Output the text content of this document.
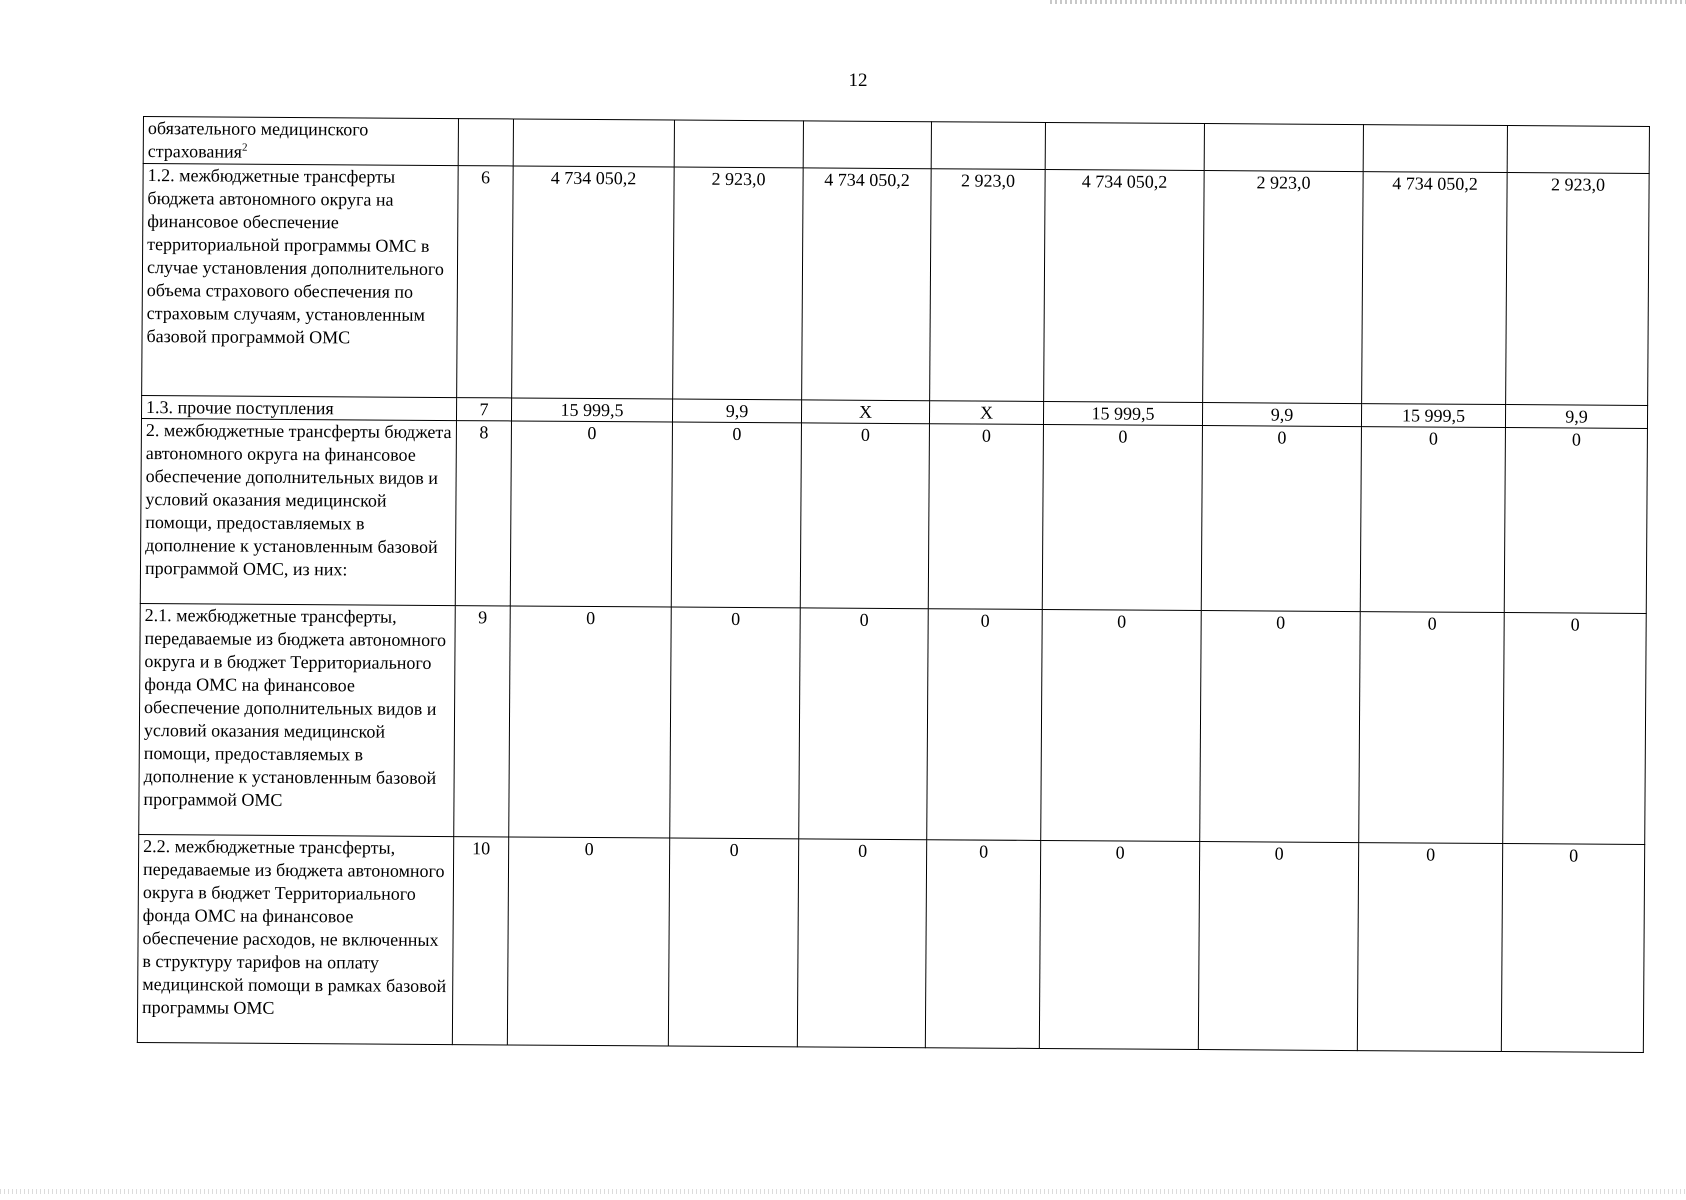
12
обязательного медицинского страхования$^2$									
1.2. межбюджетные трансферты бюджета автономного округа на финансовое обеспечение территориальной программы ОМС в случае установления дополнительного объема страхового обеспечения по страховым случаям, установленным базовой программой ОМС	6	4 734 050,2	2 923,0	4 734 050,2	2 923,0	4 734 050,2	2 923,0	4 734 050,2	2 923,0
1.3. прочие поступления	7	15 999,5	9,9	X	X	15 999,5	9,9	15 999,5	9,9
2. межбюджетные трансферты бюджета автономного округа на финансовое обеспечение дополнительных видов и условий оказания медицинской помощи, предоставляемых в дополнение к установленным базовой программой ОМС, из них:	8	0	0	0	0	0	0	0	0
2.1. межбюджетные трансферты, передаваемые из бюджета автономного округа и в бюджет Территориального фонда ОМС на финансовое обеспечение дополнительных видов и условий оказания медицинской помощи, предоставляемых в дополнение к установленным базовой программой ОМС	9	0	0	0	0	0	0	0	0
2.2. межбюджетные трансферты, передаваемые из бюджета автономного округа в бюджет Территориального фонда ОМС на финансовое обеспечение расходов, не включенных в структуру тарифов на оплату медицинской помощи в рамках базовой программы ОМС	10	0	0	0	0	0	0	0	0
